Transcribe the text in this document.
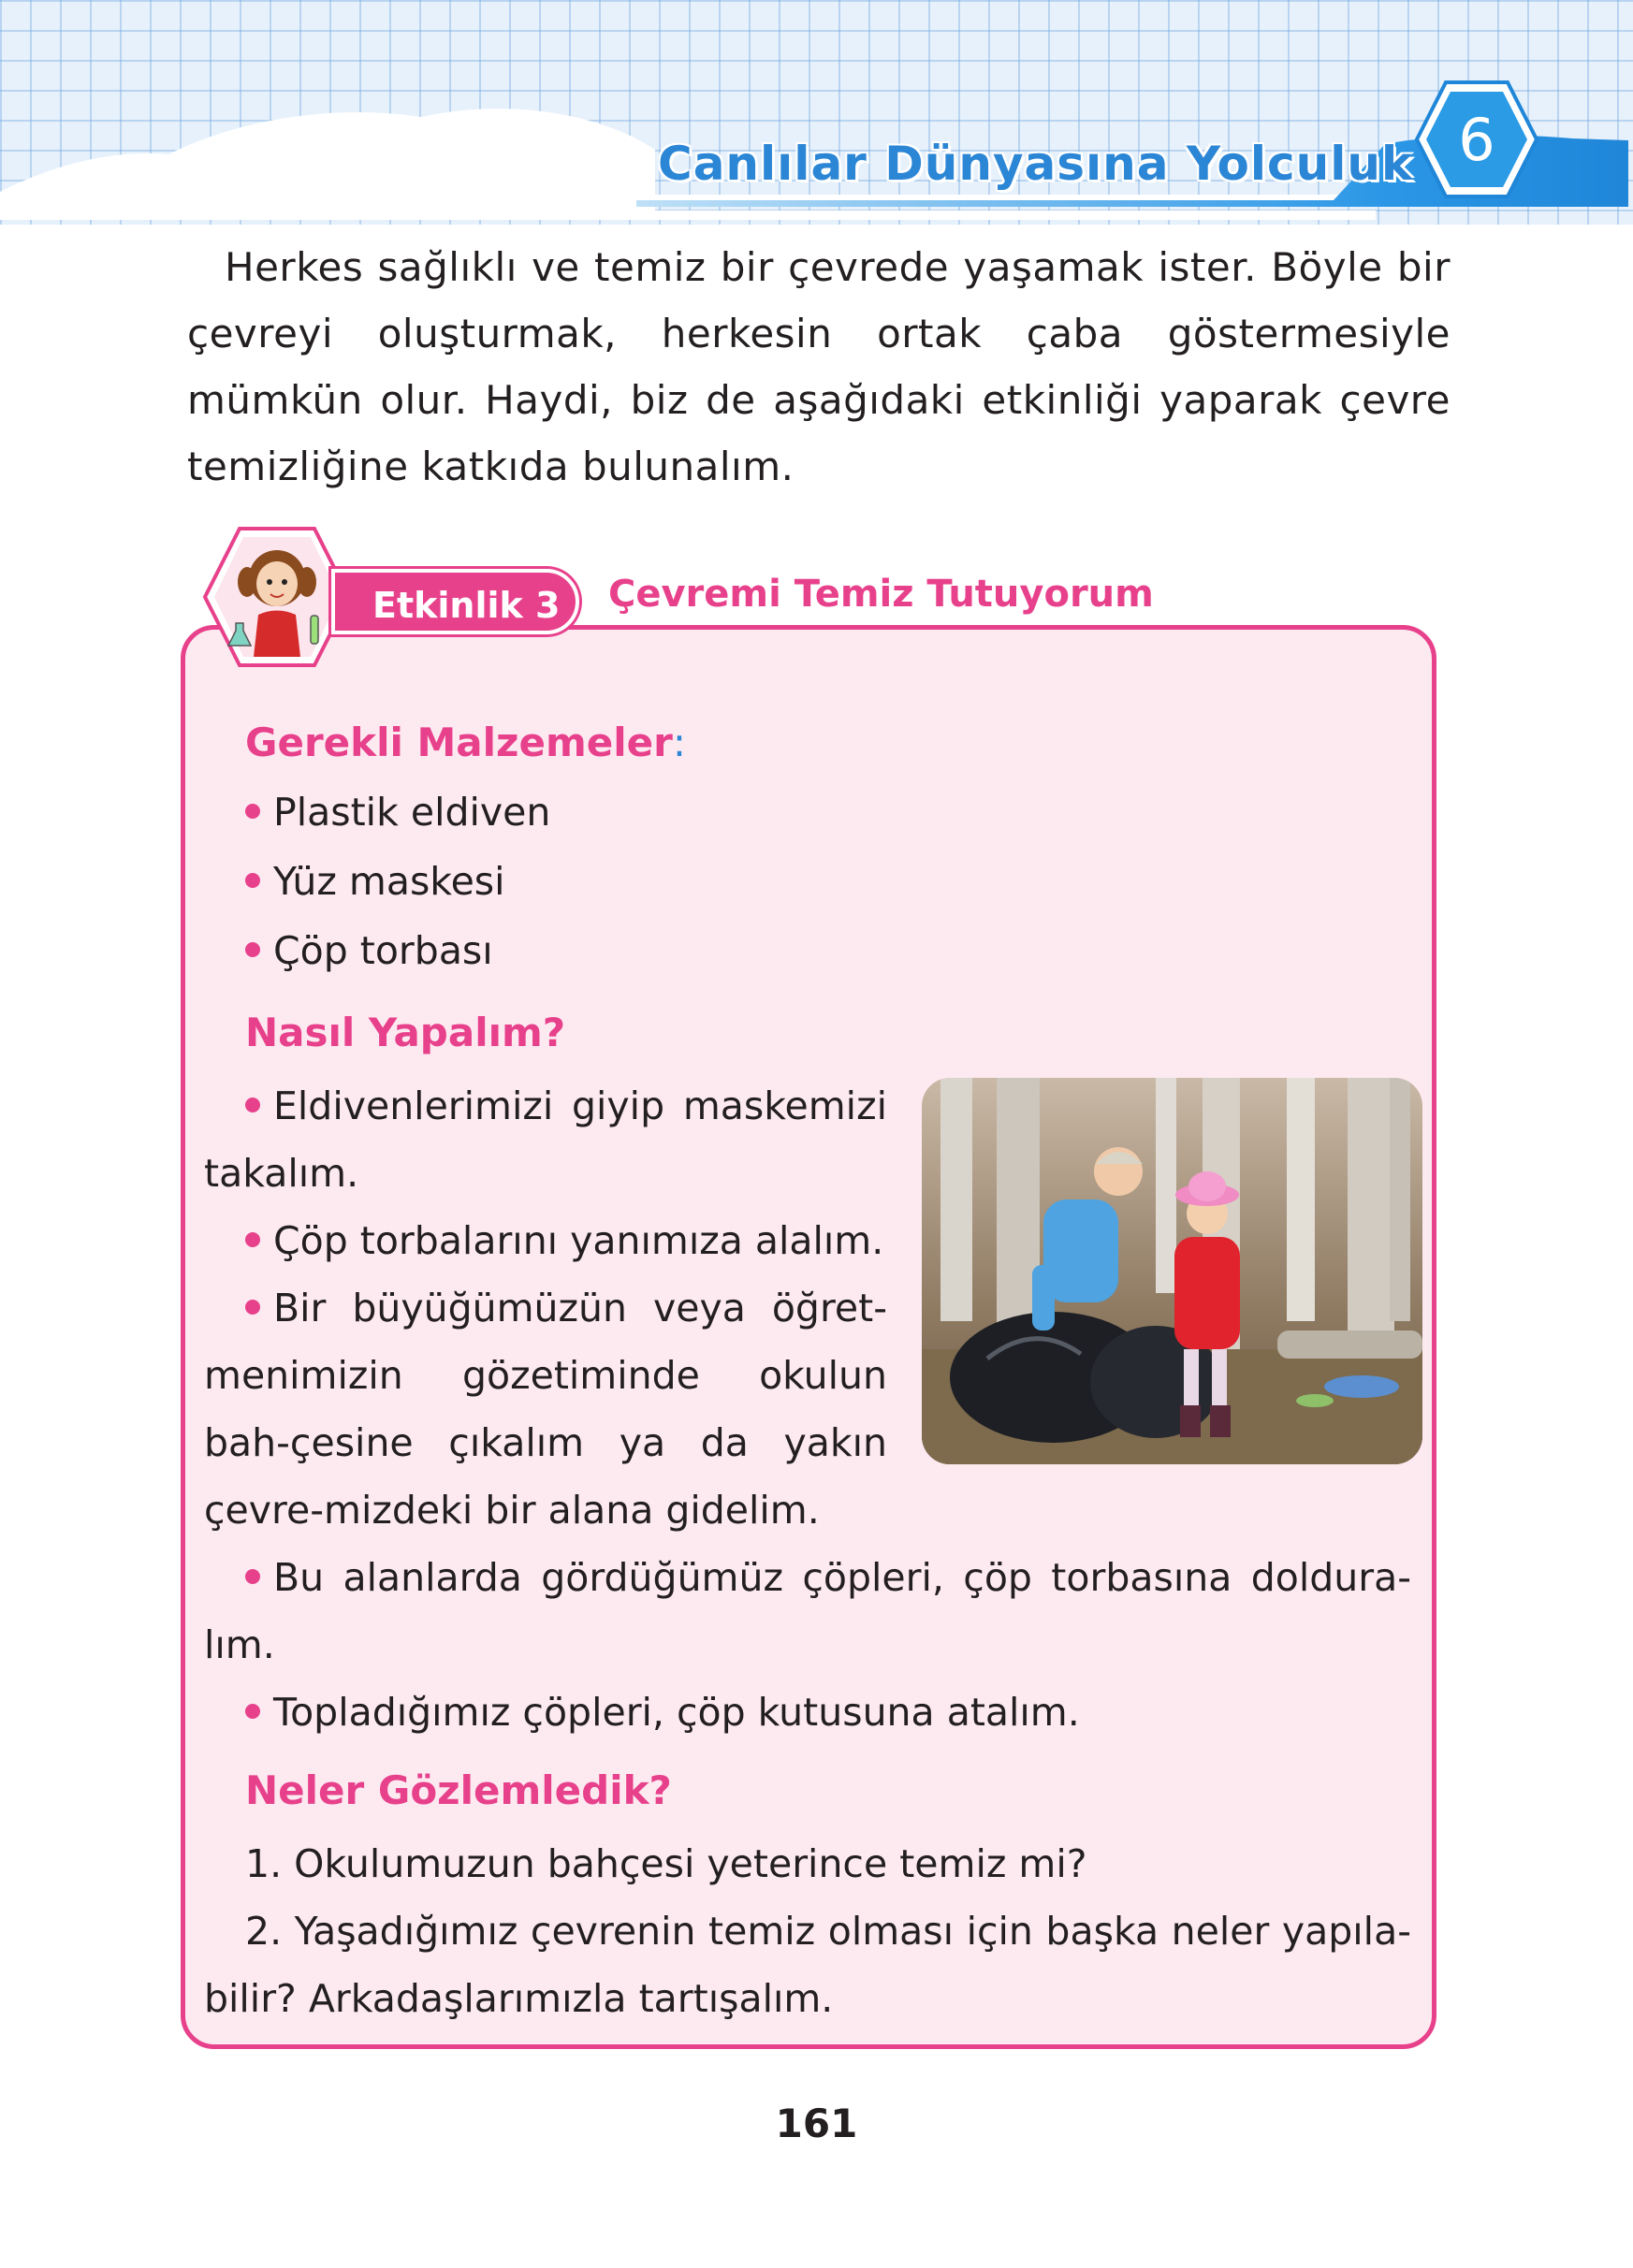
Canlılar Dünyasına Yolculuk 6

Herkes sağlıklı ve temiz bir çevrede yaşamak ister. Böyle bir çevreyi oluşturmak, herkesin ortak çaba göstermesiyle mümkün olur. Haydi, biz de aşağıdaki etkinliği yaparak çevre temizliğine katkıda bulunalım.

Etkinlik 3	Çevremi Temiz Tutuyorum
Gerekli Malzemeler:
Plastik eldiven
Yüz maskesi
Çöp torbası
Nasıl Yapalım?

Eldivenlerimizi giyip maskemizi takalım.

Çöp torbalarını yanımıza alalım.

Bir büyüğümüzün veya öğret-menimizin gözetiminde okulun bah-çesine çıkalım ya da yakın çevre-mizdeki bir alana gidelim.

Bu alanlarda gördüğümüz çöpleri, çöp torbasına doldura-lım.

Topladığımız çöpleri, çöp kutusuna atalım.

Neler Gözlemledik?

1. Okulumuzun bahçesi yeterince temiz mi?

2. Yaşadığımız çevrenin temiz olması için başka neler yapıla-bilir? Arkadaşlarımızla tartışalım.

161
